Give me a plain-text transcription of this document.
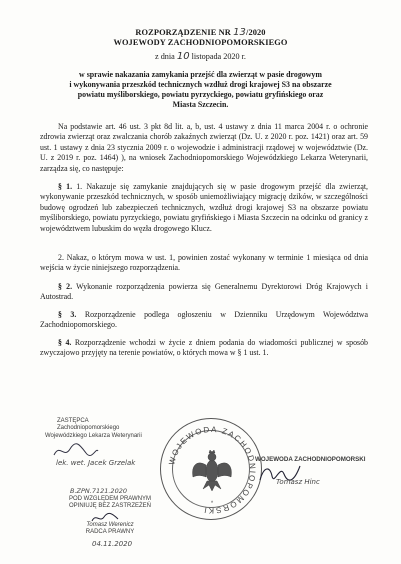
ROZPORZĄDZENIE NR 13/2020
WOJEWODY ZACHODNIOPOMORSKIEGO
z dnia 10 listopada 2020 r.
w sprawie nakazania zamykania przejść dla zwierząt w pasie drogowym
i wykonywania przeszkód technicznych wzdłuż drogi krajowej S3 na obszarze
powiatu myśliborskiego, powiatu pyrzyckiego, powiatu gryfińskiego oraz
Miasta Szczecin.
Na podstawie art. 46 ust. 3 pkt 8d lit. a, b, ust. 4 ustawy z dnia 11 marca 2004 r. o ochronie zdrowia zwierząt oraz zwalczania chorób zakaźnych zwierząt (Dz. U. z 2020 r. poz. 1421) oraz art. 59 ust. 1 ustawy z dnia 23 stycznia 2009 r. o wojewodzie i administracji rządowej w województwie (Dz. U. z 2019 r. poz. 1464) ), na wniosek Zachodniopomorskiego Wojewódzkiego Lekarza Weterynarii, zarządza się, co następuje:
§ 1. 1. Nakazuje się zamykanie znajdujących się w pasie drogowym przejść dla zwierząt, wykonywanie przeszkód technicznych, w sposób uniemożliwiający migrację dzików, w szczególności budowę ogrodzeń lub zabezpieczeń technicznych, wzdłuż drogi krajowej S3 na obszarze powiatu myśliborskiego, powiatu pyrzyckiego, powiatu gryfińskiego i Miasta Szczecin na odcinku od granicy z województwem lubuskim do węzła drogowego Klucz.
2. Nakaz, o którym mowa w ust. 1, powinien zostać wykonany w terminie 1 miesiąca od dnia wejścia w życie niniejszego rozporządzenia.
§ 2. Wykonanie rozporządzenia powierza się Generalnemu Dyrektorowi Dróg Krajowych i Autostrad.
§ 3. Rozporządzenie podlega ogłoszeniu w Dzienniku Urzędowym Województwa Zachodniopomorskiego.
§ 4. Rozporządzenie wchodzi w życie z dniem podania do wiadomości publicznej w sposób zwyczajowo przyjęty na terenie powiatów, o których mowa w § 1 ust. 1.
ZASTĘPCA
Zachodniopomorskiego
Wojewódzkiego Lekarza Weterynarii
lek. wet. Jacek Grzelak	WOJEWODA ZACHODNIOPOMORSKI
*
WOJEWODA ZACHODNIOPOMORSKI
Tomasz Hinc
B.ZPN.7121.2020
POD WZGLĘDEM PRAWNYM
OPINIUJĘ BEZ ZASTRZEŻEŃ
Tomasz Werenicz
RADCA PRAWNY
04.11.2020
